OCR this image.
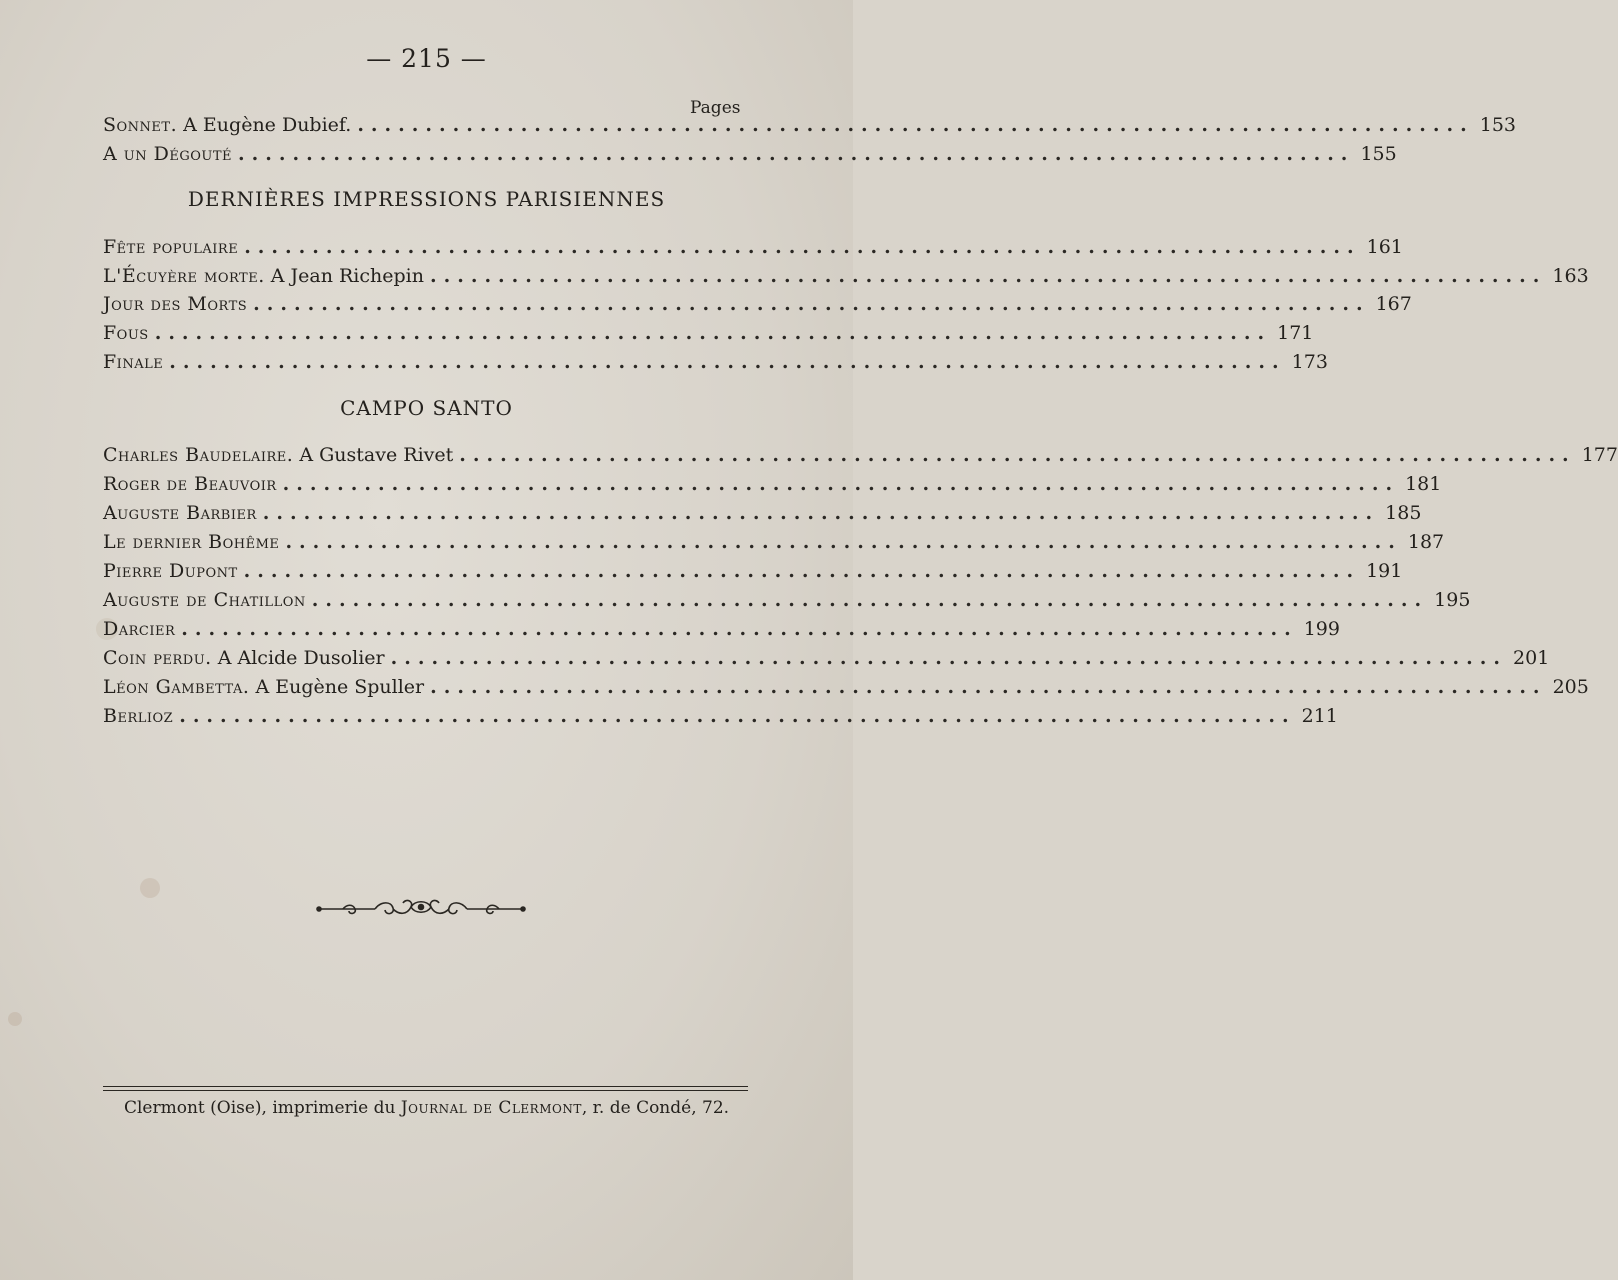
— 215 —
Pages
Sonnet. A Eugène Dubief. .................................................................................. 153
A un Dégouté .................................................................................. 155
DERNIÈRES IMPRESSIONS PARISIENNES
Fête populaire .................................................................................. 161
L'Écuyère morte. A Jean Richepin .................................................................................. 163
Jour des Morts .................................................................................. 167
Fous .................................................................................. 171
Finale .................................................................................. 173
CAMPO SANTO
Charles Baudelaire. A Gustave Rivet .................................................................................. 177
Roger de Beauvoir .................................................................................. 181
Auguste Barbier .................................................................................. 185
Le dernier Bohême .................................................................................. 187
Pierre Dupont .................................................................................. 191
Auguste de Chatillon .................................................................................. 195
Darcier .................................................................................. 199
Coin perdu. A Alcide Dusolier .................................................................................. 201
Léon Gambetta. A Eugène Spuller .................................................................................. 205
Berlioz .................................................................................. 211
Clermont (Oise), imprimerie du Journal de Clermont, r. de Condé, 72.
